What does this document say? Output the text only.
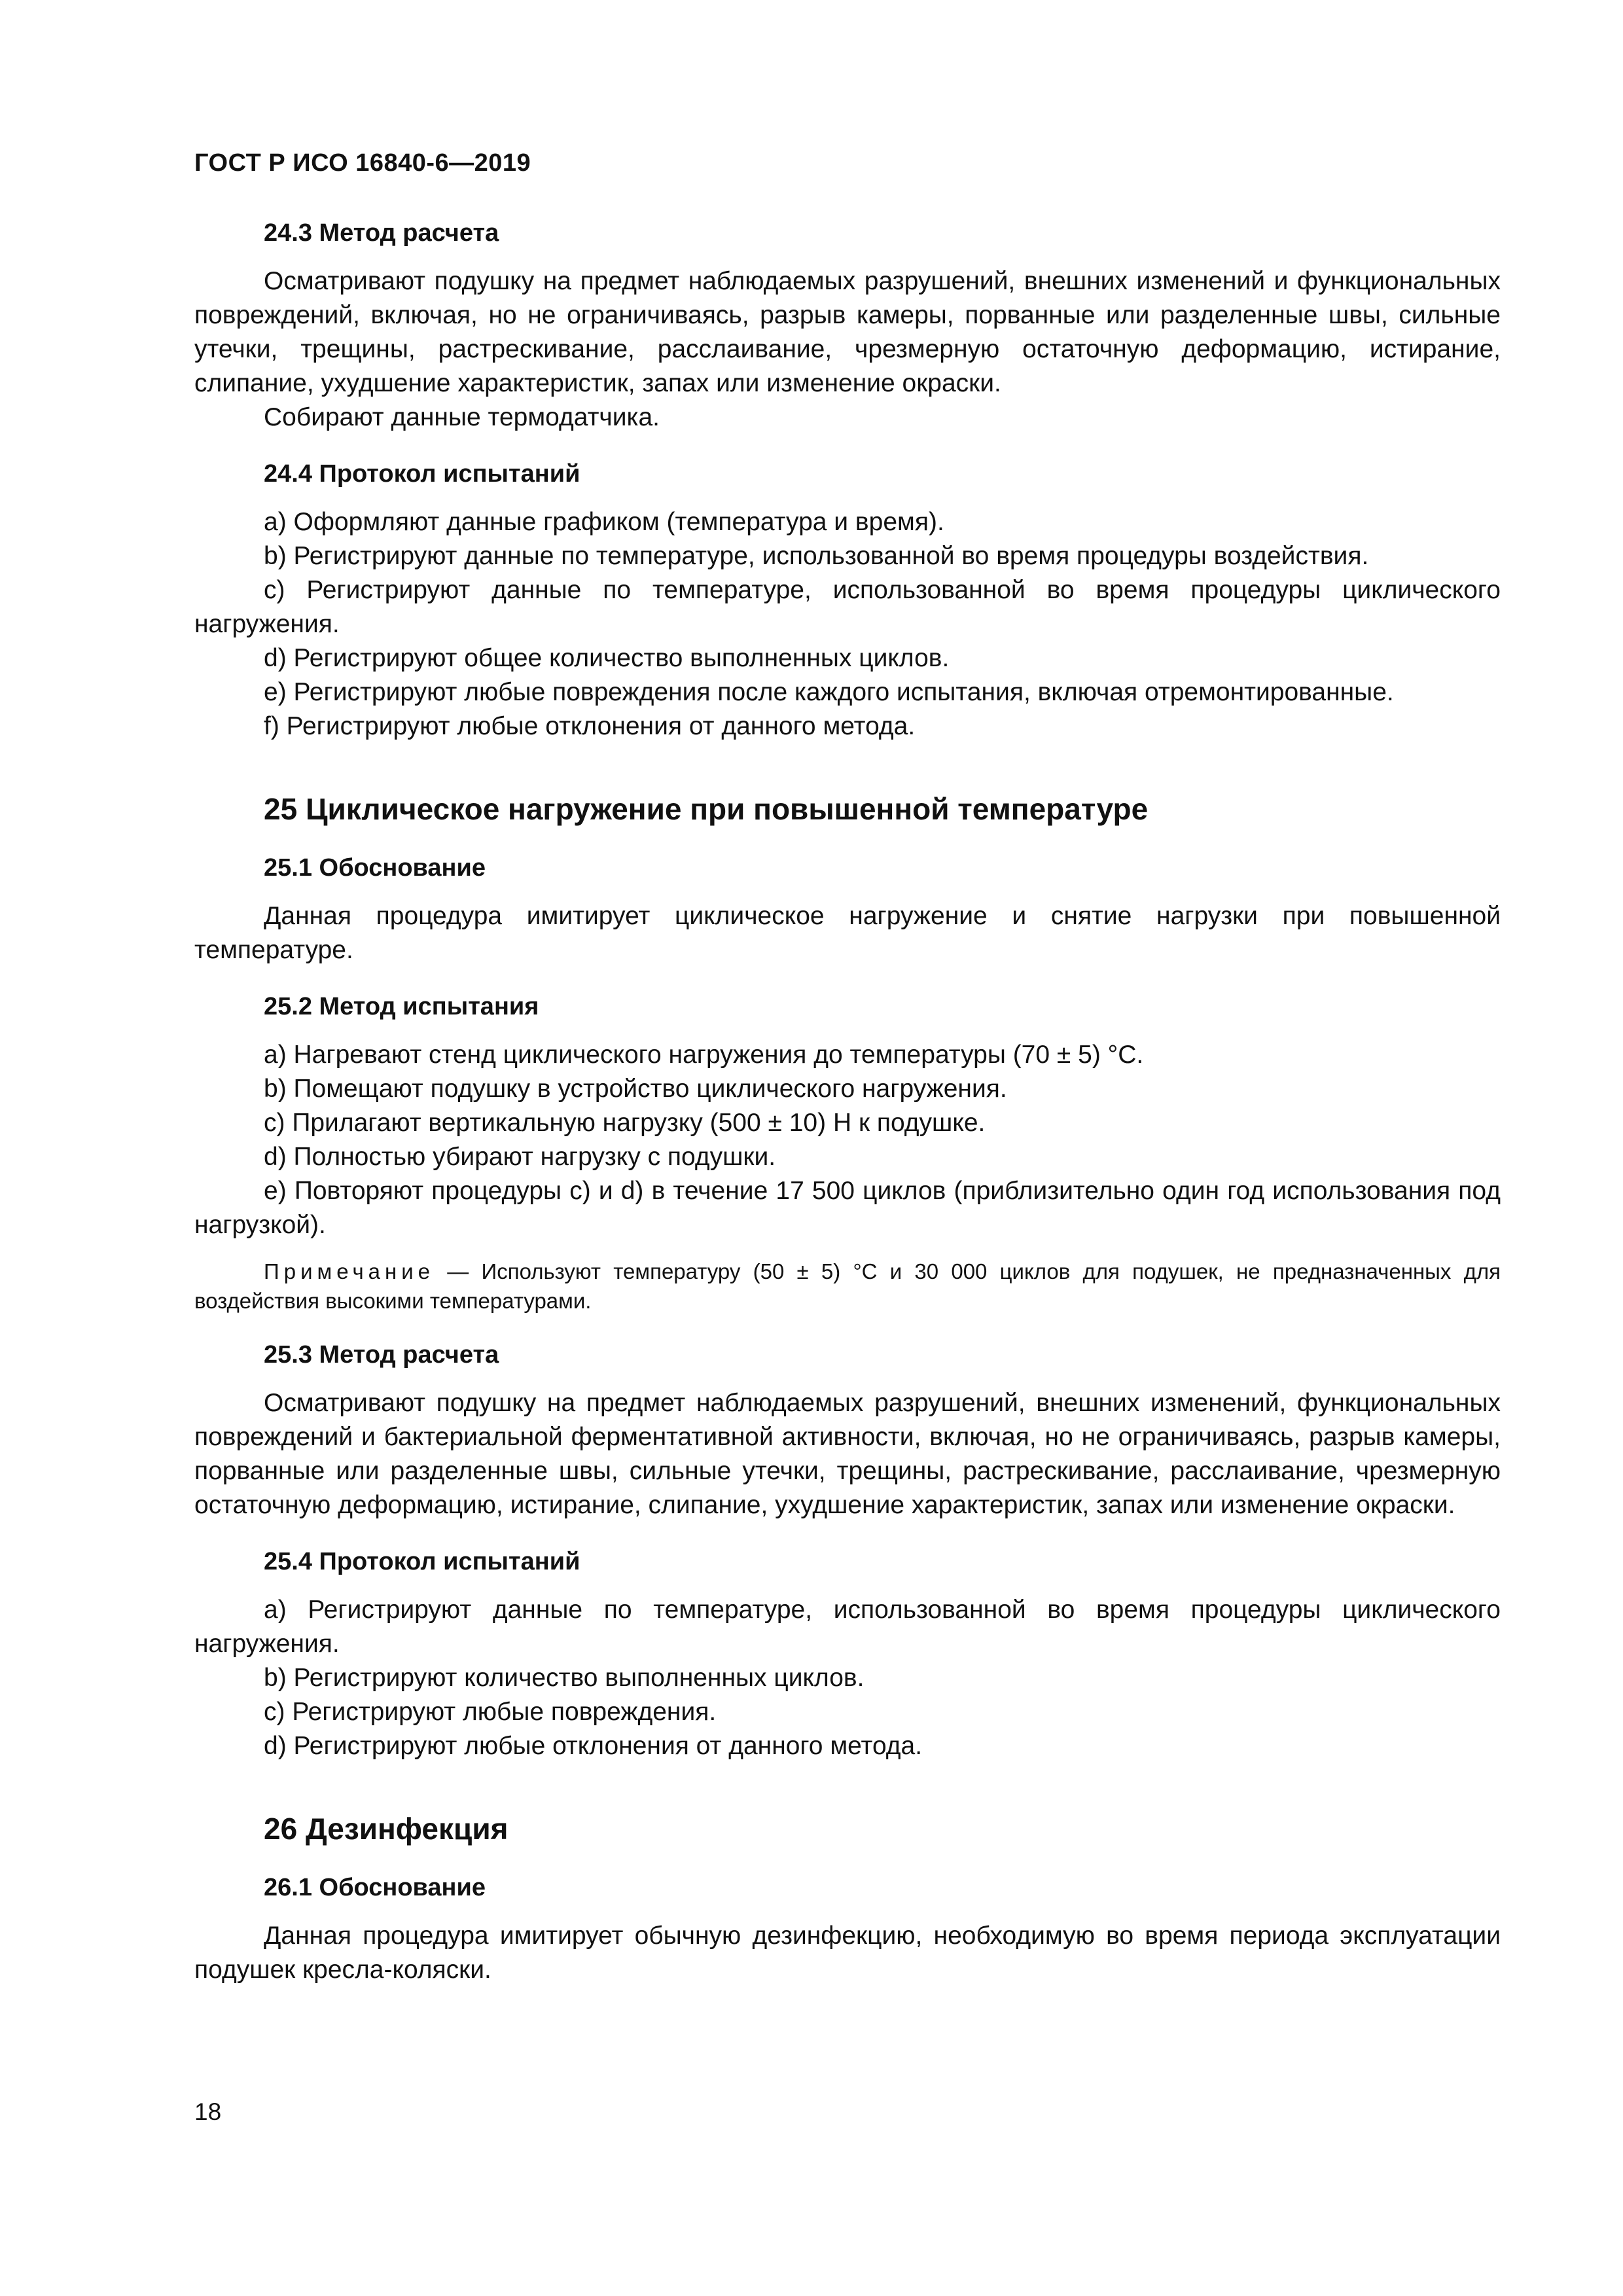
ГОСТ Р ИСО 16840-6—2019

24.3 Метод расчета

Осматривают подушку на предмет наблюдаемых разрушений, внешних изменений и функциональных повреждений, включая, но не ограничиваясь, разрыв камеры, порванные или разделенные швы, сильные утечки, трещины, растрескивание, расслаивание, чрезмерную остаточную деформацию, истирание, слипание, ухудшение характеристик, запах или изменение окраски.

Собирают данные термодатчика.

24.4 Протокол испытаний

а) Оформляют данные графиком (температура и время).

b) Регистрируют данные по температуре, использованной во время процедуры воздействия.

c) Регистрируют данные по температуре, использованной во время процедуры циклического нагружения.

d) Регистрируют общее количество выполненных циклов.

e) Регистрируют любые повреждения после каждого испытания, включая отремонтированные.

f) Регистрируют любые отклонения от данного метода.

25 Циклическое нагружение при повышенной температуре

25.1 Обоснование

Данная процедура имитирует циклическое нагружение и снятие нагрузки при повышенной температуре.

25.2 Метод испытания

а) Нагревают стенд циклического нагружения до температуры (70 ± 5) °С.

b) Помещают подушку в устройство циклического нагружения.

c) Прилагают вертикальную нагрузку (500 ± 10) Н к подушке.

d) Полностью убирают нагрузку с подушки.

e) Повторяют процедуры c) и d) в течение 17 500 циклов (приблизительно один год использования под нагрузкой).

Примечание — Используют температуру (50 ± 5) °С и 30 000 циклов для подушек, не предназначенных для воздействия высокими температурами.

25.3 Метод расчета

Осматривают подушку на предмет наблюдаемых разрушений, внешних изменений, функциональных повреждений и бактериальной ферментативной активности, включая, но не ограничиваясь, разрыв камеры, порванные или разделенные швы, сильные утечки, трещины, растрескивание, расслаивание, чрезмерную остаточную деформацию, истирание, слипание, ухудшение характеристик, запах или изменение окраски.

25.4 Протокол испытаний

а) Регистрируют данные по температуре, использованной во время процедуры циклического нагружения.

b) Регистрируют количество выполненных циклов.

c) Регистрируют любые повреждения.

d) Регистрируют любые отклонения от данного метода.

26 Дезинфекция

26.1 Обоснование

Данная процедура имитирует обычную дезинфекцию, необходимую во время периода эксплуатации подушек кресла-коляски.

18
